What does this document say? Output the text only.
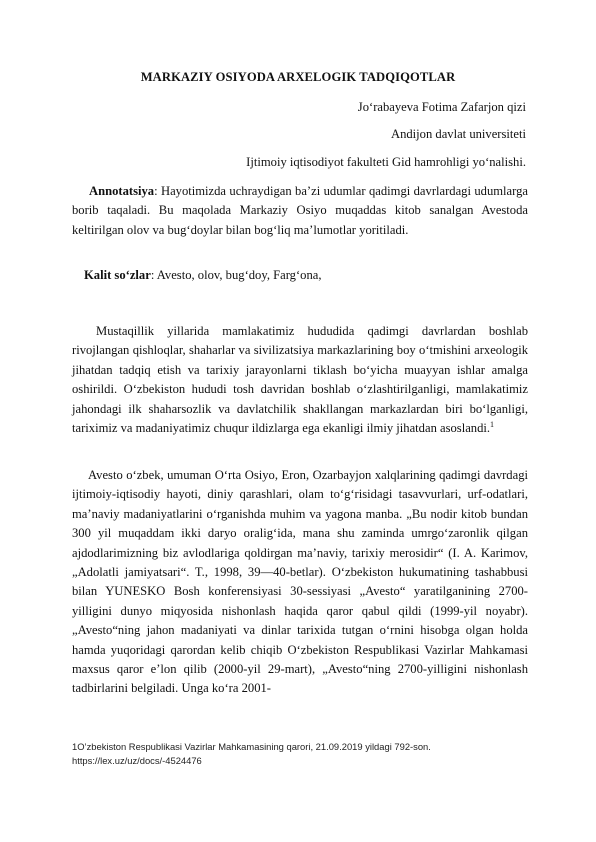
MARKAZIY OSIYODA ARXELOGIK TADQIQOTLAR
Jo‘rabayeva Fotima Zafarjon qizi
Andijon davlat universiteti
Ijtimoiy iqtisodiyot fakulteti Gid hamrohligi yo‘nalishi.
Annotatsiya: Hayotimizda uchraydigan ba’zi udumlar qadimgi davrlardagi udumlarga borib taqaladi. Bu maqolada Markaziy Osiyo muqaddas kitob sanalgan Avestoda keltirilgan olov va bug‘doylar bilan bog‘liq ma’lumotlar yoritiladi.
Kalit so‘zlar: Avesto, olov, bug‘doy, Farg‘ona,
Mustaqillik yillarida mamlakatimiz hududida qadimgi davrlardan boshlab rivojlangan qishloqlar, shaharlar va sivilizatsiya markazlarining boy o‘tmishini arxeologik jihatdan tadqiq etish va tarixiy jarayonlarni tiklash bo‘yicha muayyan ishlar amalga oshirildi. O‘zbekiston hududi tosh davridan boshlab o‘zlashtirilganligi, mamlakatimiz jahondagi ilk shaharsozlik va davlatchilik shakllangan markazlardan biri bo‘lganligi, tariximiz va madaniyatimiz chuqur ildizlarga ega ekanligi ilmiy jihatdan asoslandi.$^1$
Avesto o‘zbek, umuman O‘rta Osiyo, Eron, Ozarbayjon xalqlarining qadimgi davrdagi ijtimoiy-iqtisodiy hayoti, diniy qarashlari, olam to‘g‘risidagi tasavvurlari, urf-odatlari, ma’naviy madaniyatlarini o‘rganishda muhim va yagona manba. „Bu nodir kitob bundan 300 yil muqaddam ikki daryo oralig‘ida, mana shu zaminda umrgo‘zaronlik qilgan ajdodlarimizning biz avlodlariga qoldirgan ma’naviy, tarixiy merosidir“ (I. A. Karimov, „Adolatli jamiyatsari“. T., 1998, 39—40-betlar). O‘zbekiston hukumatining tashabbusi bilan YUNESKO Bosh konferensiyasi 30-sessiyasi „Avesto“ yaratilganining 2700-yilligini dunyo miqyosida nishonlash haqida qaror qabul qildi (1999-yil noyabr). „Avesto“ning jahon madaniyati va dinlar tarixida tutgan o‘rnini hisobga olgan holda hamda yuqoridagi qarordan kelib chiqib O‘zbekiston Respublikasi Vazirlar Mahkamasi maxsus qaror e’lon qilib (2000-yil 29-mart), „Avesto“ning 2700-yilligini nishonlash tadbirlarini belgiladi. Unga ko‘ra 2001-
1O’zbekiston Respublikasi Vazirlar Mahkamasining qarori, 21.09.2019 yildagi 792-son.
https://lex.uz/uz/docs/-4524476
